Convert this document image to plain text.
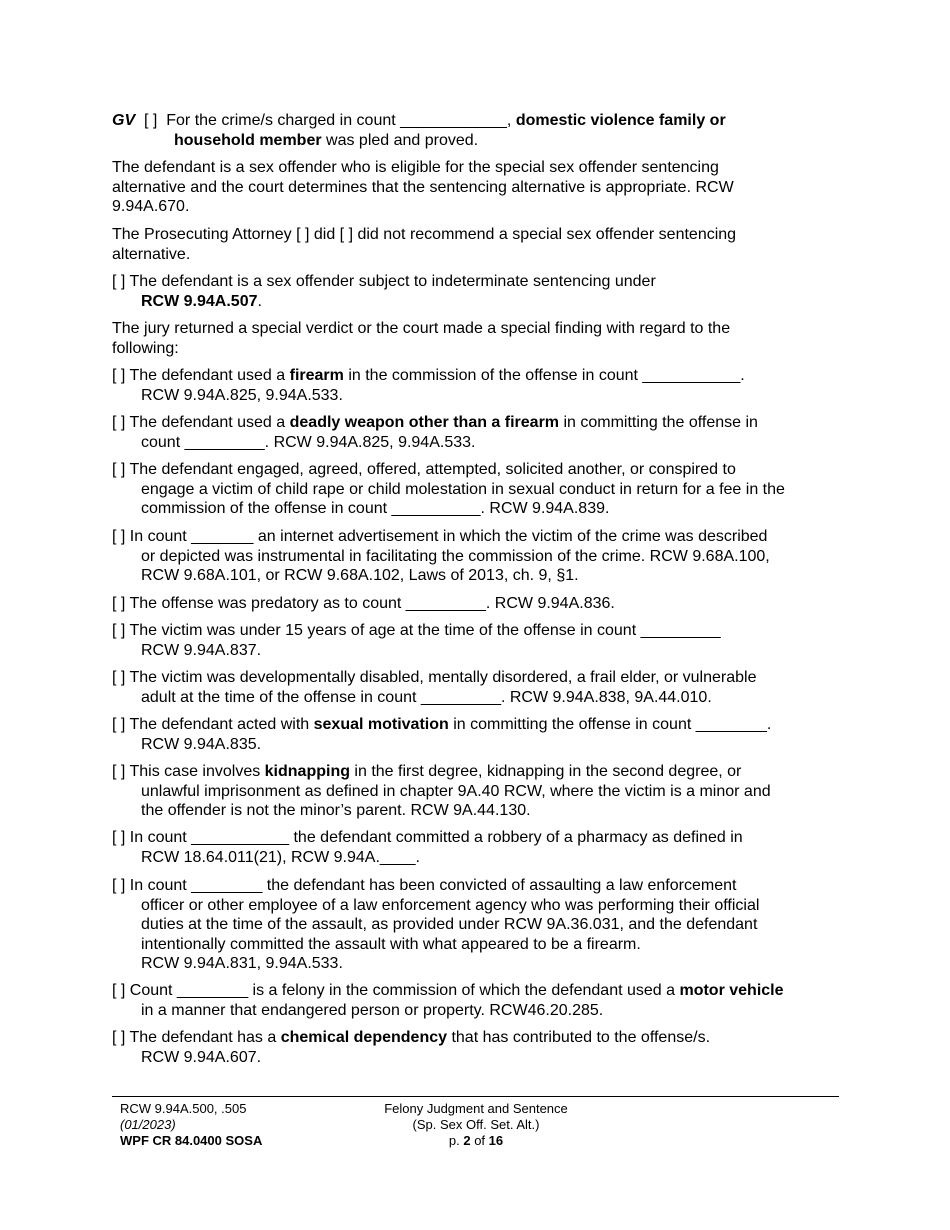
GV [ ] For the crime/s charged in count ____________, domestic violence family or
household member was pled and proved.
The defendant is a sex offender who is eligible for the special sex offender sentencing
alternative and the court determines that the sentencing alternative is appropriate. RCW
9.94A.670.
The Prosecuting Attorney [ ] did [ ] did not recommend a special sex offender sentencing
alternative.
[ ] The defendant is a sex offender subject to indeterminate sentencing under
RCW 9.94A.507.
The jury returned a special verdict or the court made a special finding with regard to the
following:
[ ] The defendant used a firearm in the commission of the offense in count ___________.
RCW 9.94A.825, 9.94A.533.
[ ] The defendant used a deadly weapon other than a firearm in committing the offense in
count _________. RCW 9.94A.825, 9.94A.533.
[ ] The defendant engaged, agreed, offered, attempted, solicited another, or conspired to
engage a victim of child rape or child molestation in sexual conduct in return for a fee in the
commission of the offense in count __________. RCW 9.94A.839.
[ ] In count _______ an internet advertisement in which the victim of the crime was described
or depicted was instrumental in facilitating the commission of the crime. RCW 9.68A.100,
RCW 9.68A.101, or RCW 9.68A.102, Laws of 2013, ch. 9, §1.
[ ] The offense was predatory as to count _________. RCW 9.94A.836.
[ ] The victim was under 15 years of age at the time of the offense in count _________
RCW 9.94A.837.
[ ] The victim was developmentally disabled, mentally disordered, a frail elder, or vulnerable
adult at the time of the offense in count _________. RCW 9.94A.838, 9A.44.010.
[ ] The defendant acted with sexual motivation in committing the offense in count ________.
RCW 9.94A.835.
[ ] This case involves kidnapping in the first degree, kidnapping in the second degree, or
unlawful imprisonment as defined in chapter 9A.40 RCW, where the victim is a minor and
the offender is not the minor’s parent. RCW 9A.44.130.
[ ] In count ___________ the defendant committed a robbery of a pharmacy as defined in
RCW 18.64.011(21), RCW 9.94A.____.
[ ] In count ________ the defendant has been convicted of assaulting a law enforcement
officer or other employee of a law enforcement agency who was performing their official
duties at the time of the assault, as provided under RCW 9A.36.031, and the defendant
intentionally committed the assault with what appeared to be a firearm.
RCW 9.94A.831, 9.94A.533.
[ ] Count ________ is a felony in the commission of which the defendant used a motor vehicle
in a manner that endangered person or property. RCW46.20.285.
[ ] The defendant has a chemical dependency that has contributed to the offense/s.
RCW 9.94A.607.
RCW 9.94A.500, .505
(01/2023)
WPF CR 84.0400 SOSA
Felony Judgment and Sentence
(Sp. Sex Off. Set. Alt.)
p. 2 of 16
